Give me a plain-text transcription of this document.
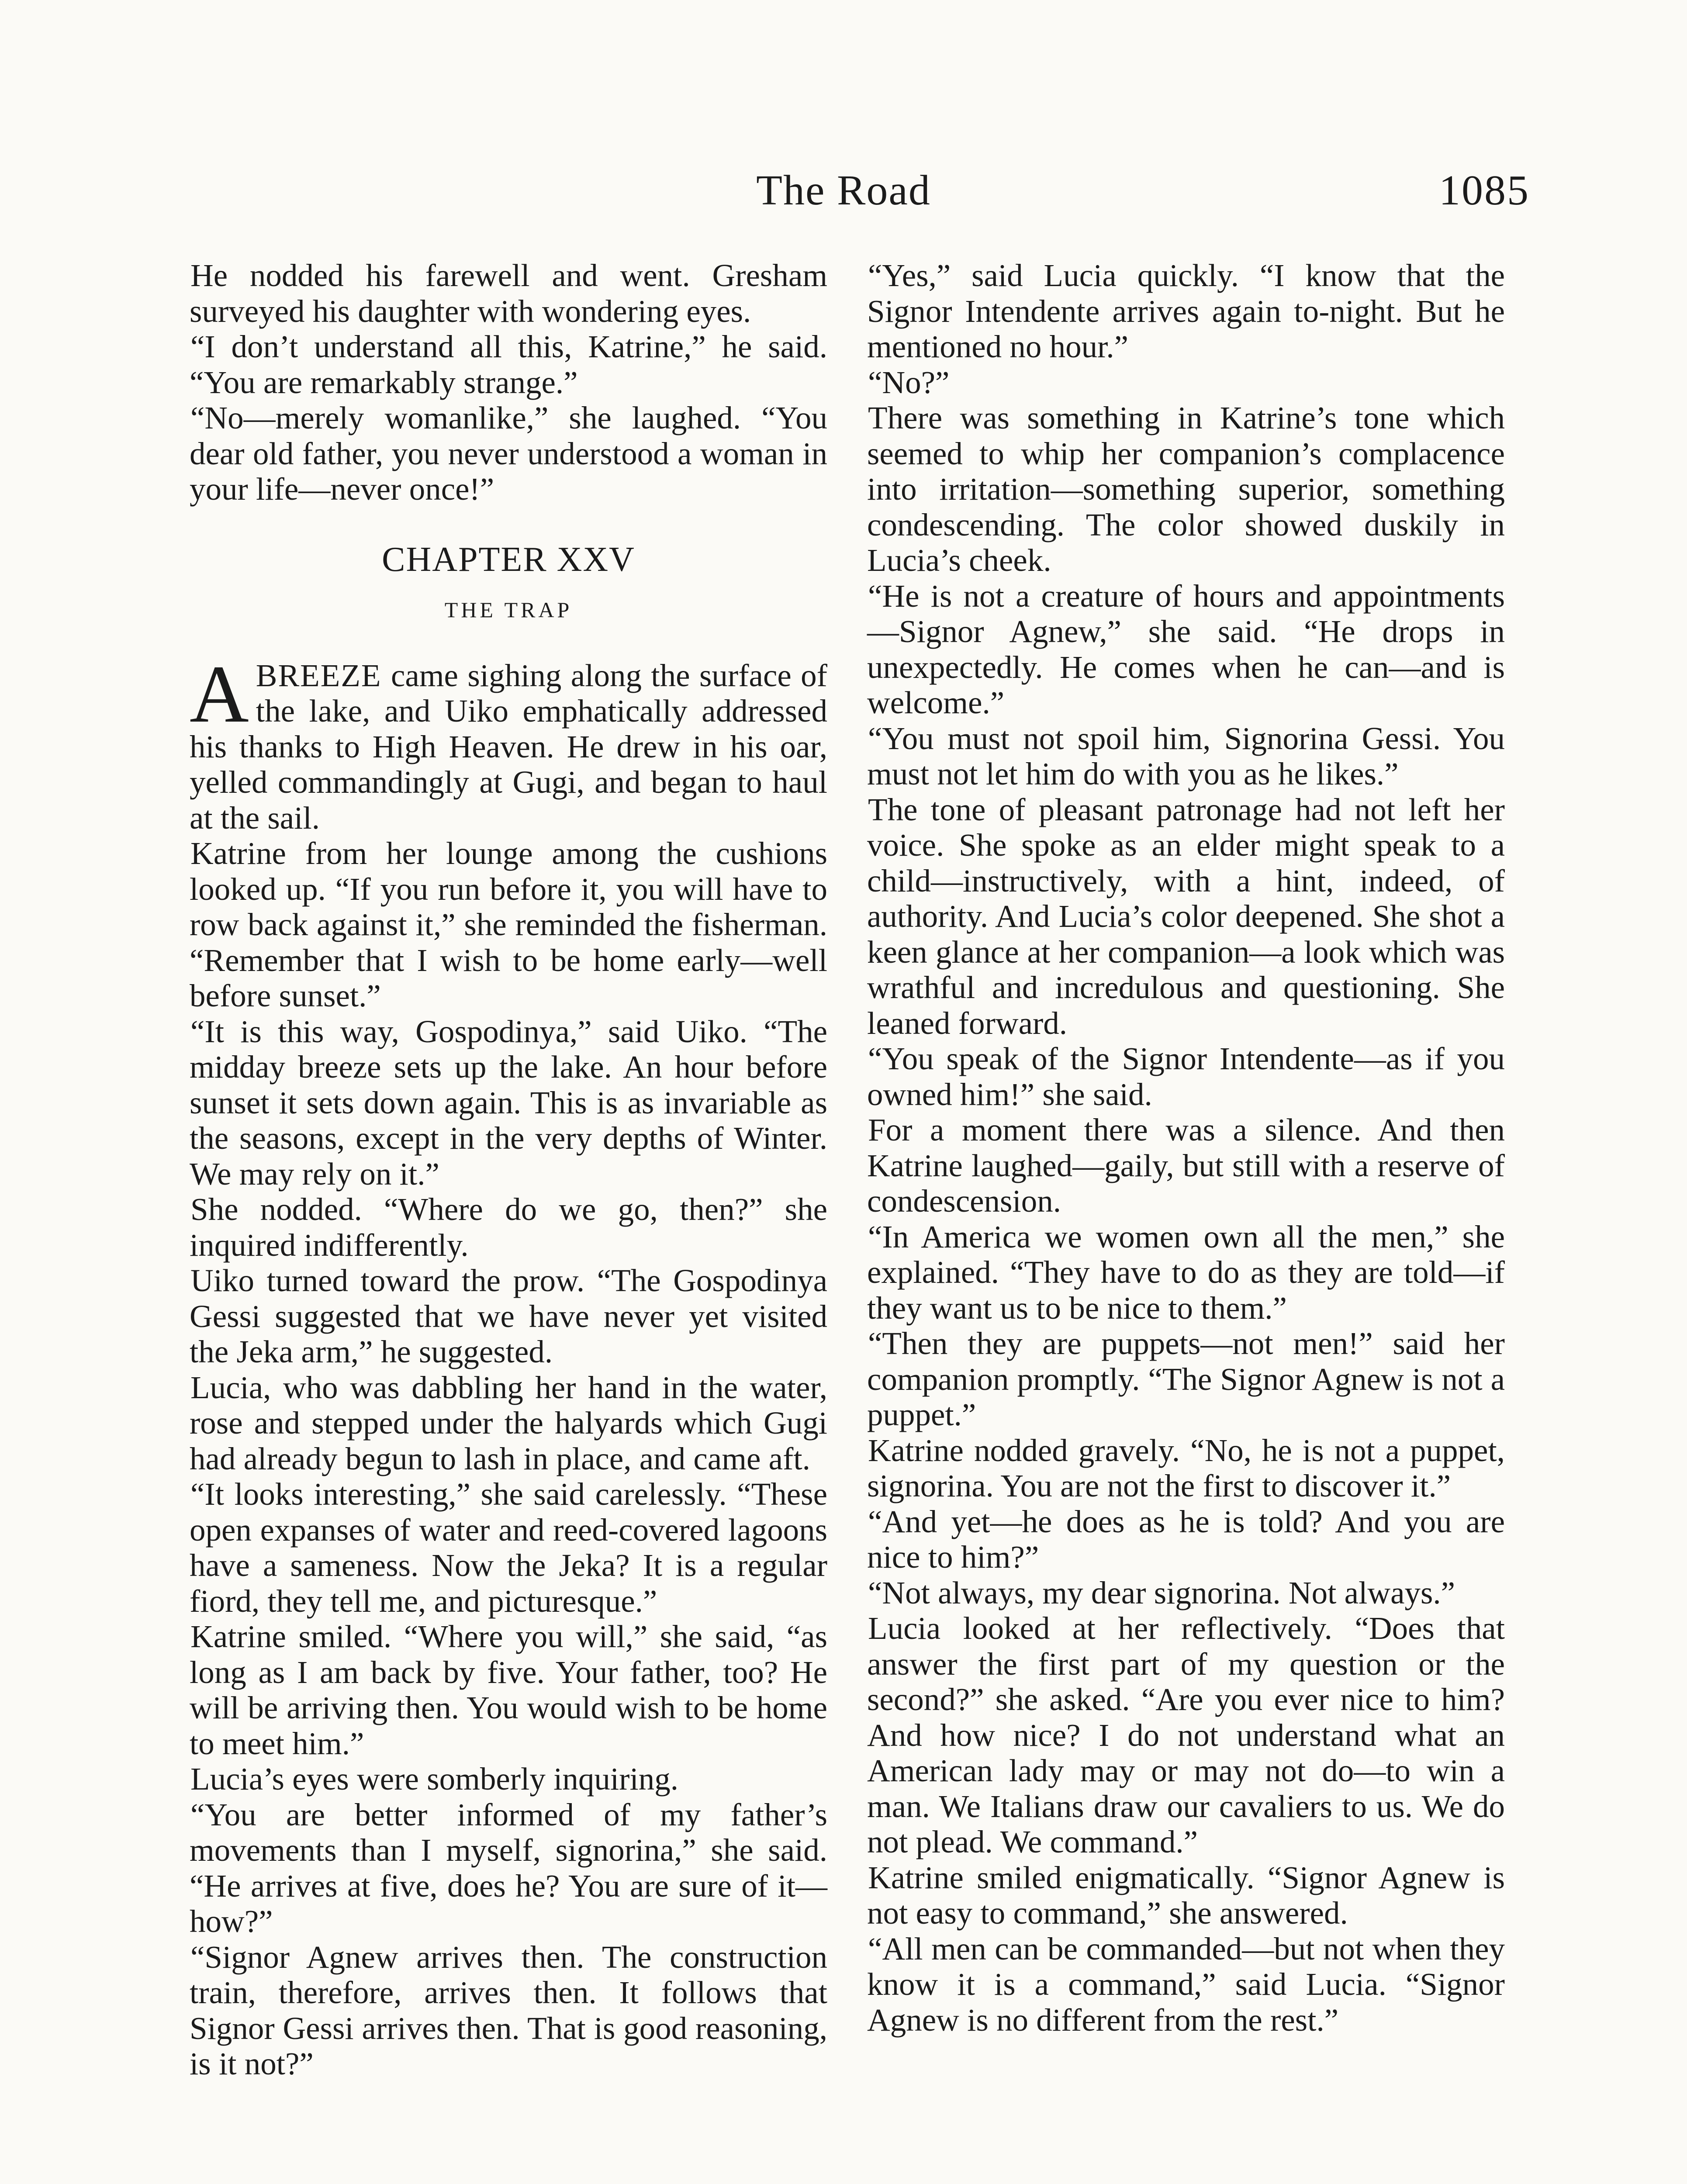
The Road	1085

He nodded his farewell and went. Gresham surveyed his daughter with wondering eyes.

“I don’t understand all this, Katrine,” he said. “You are remarkably strange.”

“No—merely womanlike,” she laughed. “You dear old father, you never understood a woman in your life—never once!”

CHAPTER XXV
THE TRAP

ABREEZE came sighing along the surface of the lake, and Uiko emphatically addressed his thanks to High Heaven. He drew in his oar, yelled commandingly at Gugi, and began to haul at the sail.

Katrine from her lounge among the cushions looked up. “If you run before it, you will have to row back against it,” she reminded the fisherman. “Remember that I wish to be home early—well before sunset.”

“It is this way, Gospodinya,” said Uiko. “The midday breeze sets up the lake. An hour before sunset it sets down again. This is as invariable as the seasons, except in the very depths of Winter. We may rely on it.”

She nodded. “Where do we go, then?” she inquired indifferently.

Uiko turned toward the prow. “The Gospodinya Gessi suggested that we have never yet visited the Jeka arm,” he suggested.

Lucia, who was dabbling her hand in the water, rose and stepped under the halyards which Gugi had already begun to lash in place, and came aft.

“It looks interesting,” she said carelessly. “These open expanses of water and reed-covered lagoons have a sameness. Now the Jeka? It is a regular fiord, they tell me, and picturesque.”

Katrine smiled. “Where you will,” she said, “as long as I am back by five. Your father, too? He will be arriving then. You would wish to be home to meet him.”

Lucia’s eyes were somberly inquiring.

“You are better informed of my father’s movements than I myself, signorina,” she said. “He arrives at five, does he? You are sure of it—how?”

“Signor Agnew arrives then. The construction train, therefore, arrives then. It follows that Signor Gessi arrives then. That is good reasoning, is it not?”

“Yes,” said Lucia quickly. “I know that the Signor Intendente arrives again to-night. But he mentioned no hour.”

“No?”

There was something in Katrine’s tone which seemed to whip her companion’s complacence into irritation—something superior, something condescending. The color showed duskily in Lucia’s cheek.

“He is not a creature of hours and appointments—Signor Agnew,” she said. “He drops in unexpectedly. He comes when he can—and is welcome.”

“You must not spoil him, Signorina Gessi. You must not let him do with you as he likes.”

The tone of pleasant patronage had not left her voice. She spoke as an elder might speak to a child—instructively, with a hint, indeed, of authority. And Lucia’s color deepened. She shot a keen glance at her companion—a look which was wrathful and incredulous and questioning. She leaned forward.

“You speak of the Signor Intendente—as if you owned him!” she said.

For a moment there was a silence. And then Katrine laughed—gaily, but still with a reserve of condescension.

“In America we women own all the men,” she explained. “They have to do as they are told—if they want us to be nice to them.”

“Then they are puppets—not men!” said her companion promptly. “The Signor Agnew is not a puppet.”

Katrine nodded gravely. “No, he is not a puppet, signorina. You are not the first to discover it.”

“And yet—he does as he is told? And you are nice to him?”

“Not always, my dear signorina. Not always.”

Lucia looked at her reflectively. “Does that answer the first part of my question or the second?” she asked. “Are you ever nice to him? And how nice? I do not understand what an American lady may or may not do—to win a man. We Italians draw our cavaliers to us. We do not plead. We command.”

Katrine smiled enigmatically. “Signor Agnew is not easy to command,” she answered.

“All men can be commanded—but not when they know it is a command,” said Lucia. “Signor Agnew is no different from the rest.”
